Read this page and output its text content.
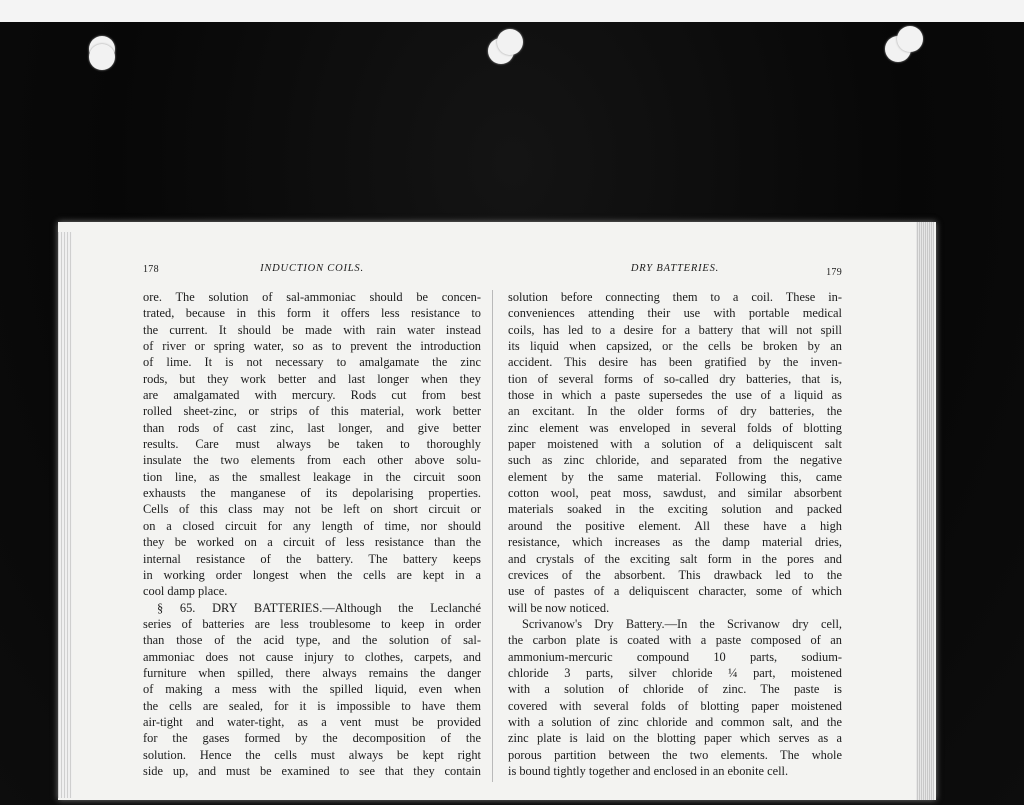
178	INDUCTION COILS.
ore. The solution of sal-ammoniac should be concen-
trated, because in this form it offers less resistance to
the current. It should be made with rain water instead
of river or spring water, so as to prevent the introduction
of lime. It is not necessary to amalgamate the zinc
rods, but they work better and last longer when they
are amalgamated with mercury. Rods cut from best
rolled sheet-zinc, or strips of this material, work better
than rods of cast zinc, last longer, and give better
results. Care must always be taken to thoroughly
insulate the two elements from each other above solu-
tion line, as the smallest leakage in the circuit soon
exhausts the manganese of its depolarising properties.
Cells of this class may not be left on short circuit or
on a closed circuit for any length of time, nor should
they be worked on a circuit of less resistance than the
internal resistance of the battery. The battery keeps
in working order longest when the cells are kept in a
cool damp place.
§ 65. DRY BATTERIES.—Although the Leclanché
series of batteries are less troublesome to keep in order
than those of the acid type, and the solution of sal-
ammoniac does not cause injury to clothes, carpets, and
furniture when spilled, there always remains the danger
of making a mess with the spilled liquid, even when
the cells are sealed, for it is impossible to have them
air-tight and water-tight, as a vent must be provided
for the gases formed by the decomposition of the
solution. Hence the cells must always be kept right
side up, and must be examined to see that they contain
DRY BATTERIES.	179
solution before connecting them to a coil. These in-
conveniences attending their use with portable medical
coils, has led to a desire for a battery that will not spill
its liquid when capsized, or the cells be broken by an
accident. This desire has been gratified by the inven-
tion of several forms of so-called dry batteries, that is,
those in which a paste supersedes the use of a liquid as
an excitant. In the older forms of dry batteries, the
zinc element was enveloped in several folds of blotting
paper moistened with a solution of a deliquiscent salt
such as zinc chloride, and separated from the negative
element by the same material. Following this, came
cotton wool, peat moss, sawdust, and similar absorbent
materials soaked in the exciting solution and packed
around the positive element. All these have a high
resistance, which increases as the damp material dries,
and crystals of the exciting salt form in the pores and
crevices of the absorbent. This drawback led to the
use of pastes of a deliquiscent character, some of which
will be now noticed.
Scrivanow's Dry Battery.—In the Scrivanow dry cell,
the carbon plate is coated with a paste composed of an
ammonium-mercuric compound 10 parts, sodium-
chloride 3 parts, silver chloride ¼ part, moistened
with a solution of chloride of zinc. The paste is
covered with several folds of blotting paper moistened
with a solution of zinc chloride and common salt, and the
zinc plate is laid on the blotting paper which serves as a
porous partition between the two elements. The whole
is bound tightly together and enclosed in an ebonite cell.
